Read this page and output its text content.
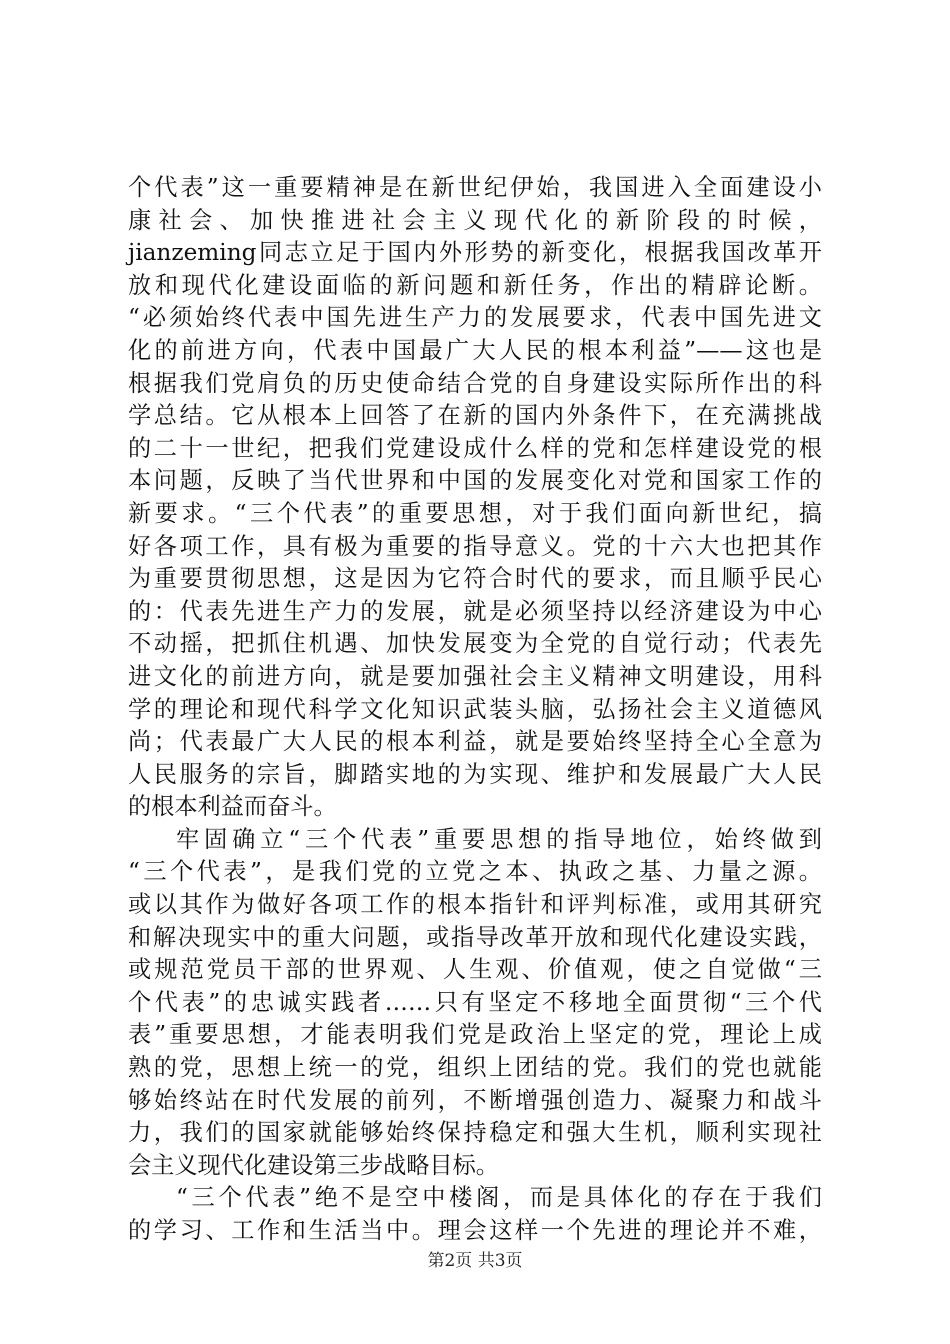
个代表”这一重要精神是在新世纪伊始，我国进入全面建设小
康社会、加快推进社会主义现代化的新阶段的时候，
jianzeming同志立足于国内外形势的新变化，根据我国改革开
放和现代化建设面临的新问题和新任务，作出的精辟论断。
“必须始终代表中国先进生产力的发展要求，代表中国先进文
化的前进方向，代表中国最广大人民的根本利益”——这也是
根据我们党肩负的历史使命结合党的自身建设实际所作出的科
学总结。它从根本上回答了在新的国内外条件下，在充满挑战
的二十一世纪，把我们党建设成什么样的党和怎样建设党的根
本问题，反映了当代世界和中国的发展变化对党和国家工作的
新要求。“三个代表”的重要思想，对于我们面向新世纪，搞
好各项工作，具有极为重要的指导意义。党的十六大也把其作
为重要贯彻思想，这是因为它符合时代的要求，而且顺乎民心
的：代表先进生产力的发展，就是必须坚持以经济建设为中心
不动摇，把抓住机遇、加快发展变为全党的自觉行动；代表先
进文化的前进方向，就是要加强社会主义精神文明建设，用科
学的理论和现代科学文化知识武装头脑，弘扬社会主义道德风
尚；代表最广大人民的根本利益，就是要始终坚持全心全意为
人民服务的宗旨，脚踏实地的为实现、维护和发展最广大人民
的根本利益而奋斗。
牢固确立“三个代表”重要思想的指导地位，始终做到
“三个代表”，是我们党的立党之本、执政之基、力量之源。
或以其作为做好各项工作的根本指针和评判标准，或用其研究
和解决现实中的重大问题，或指导改革开放和现代化建设实践，
或规范党员干部的世界观、人生观、价值观，使之自觉做“三
个代表”的忠诚实践者……只有坚定不移地全面贯彻“三个代
表”重要思想，才能表明我们党是政治上坚定的党，理论上成
熟的党，思想上统一的党，组织上团结的党。我们的党也就能
够始终站在时代发展的前列，不断增强创造力、凝聚力和战斗
力，我们的国家就能够始终保持稳定和强大生机，顺利实现社
会主义现代化建设第三步战略目标。
“三个代表”绝不是空中楼阁，而是具体化的存在于我们
的学习、工作和生活当中。理会这样一个先进的理论并不难，
第2页 共3页
